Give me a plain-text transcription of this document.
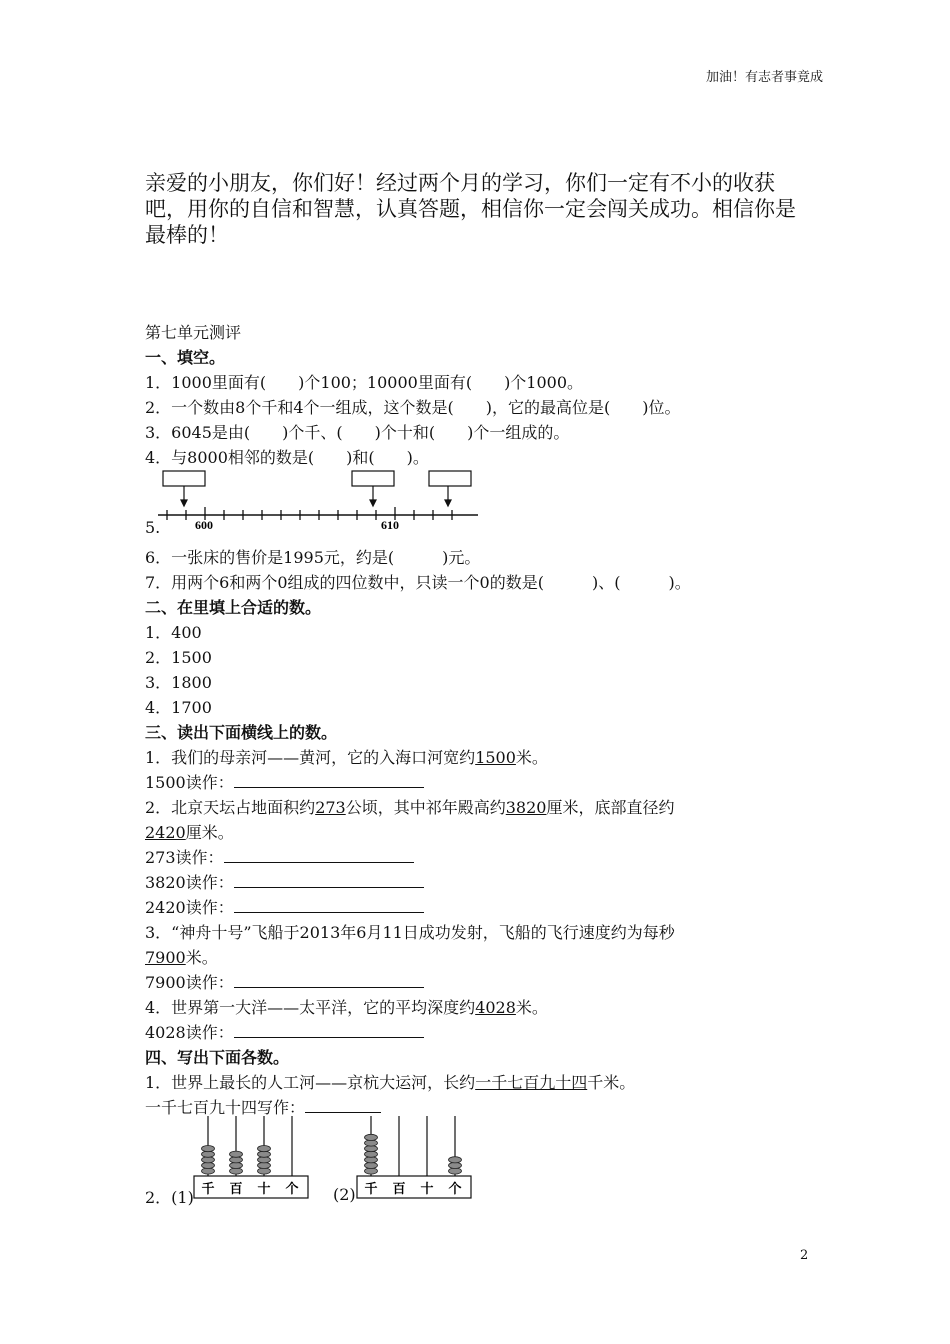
加油！有志者事竟成
亲爱的小朋友，你们好！经过两个月的学习，你们一定有不小的收获吧，用你的自信和智慧，认真答题，相信你一定会闯关成功。相信你是最棒的！
第七单元测评
一、填空。
1．1000里面有(　　)个100；10000里面有(　　)个1000。
2．一个数由8个千和4个一组成，这个数是(　　)，它的最高位是(　　)位。
3．6045是由(　　)个千、(　　)个十和(　　)个一组成的。
4．与8000相邻的数是(　　)和(　　)。
5.	600	610
6．一张床的售价是1995元，约是(　　　)元。
7．用两个6和两个0组成的四位数中，只读一个0的数是(　　　)、(　　　)。
二、在里填上合适的数。
1．400
2．1500
3．1800
4．1700
三、读出下面横线上的数。
1．我们的母亲河——黄河，它的入海口河宽约1500米。
1500读作：
2．北京天坛占地面积约273公顷，其中祁年殿高约3820厘米，底部直径约
2420厘米。
273读作：
3820读作：
2420读作：
3．“神舟十号”飞船于2013年6月11日成功发射，飞船的飞行速度约为每秒
7900米。
7900读作：
4．世界第一大洋——太平洋，它的平均深度约4028米。
4028读作：
四、写出下面各数。
1．世界上最长的人工河——京杭大运河，长约一千七百九十四千米。
一千七百九十四写作：
2．(1) 千 百 十 个 (2) 千 百 十 个
2
